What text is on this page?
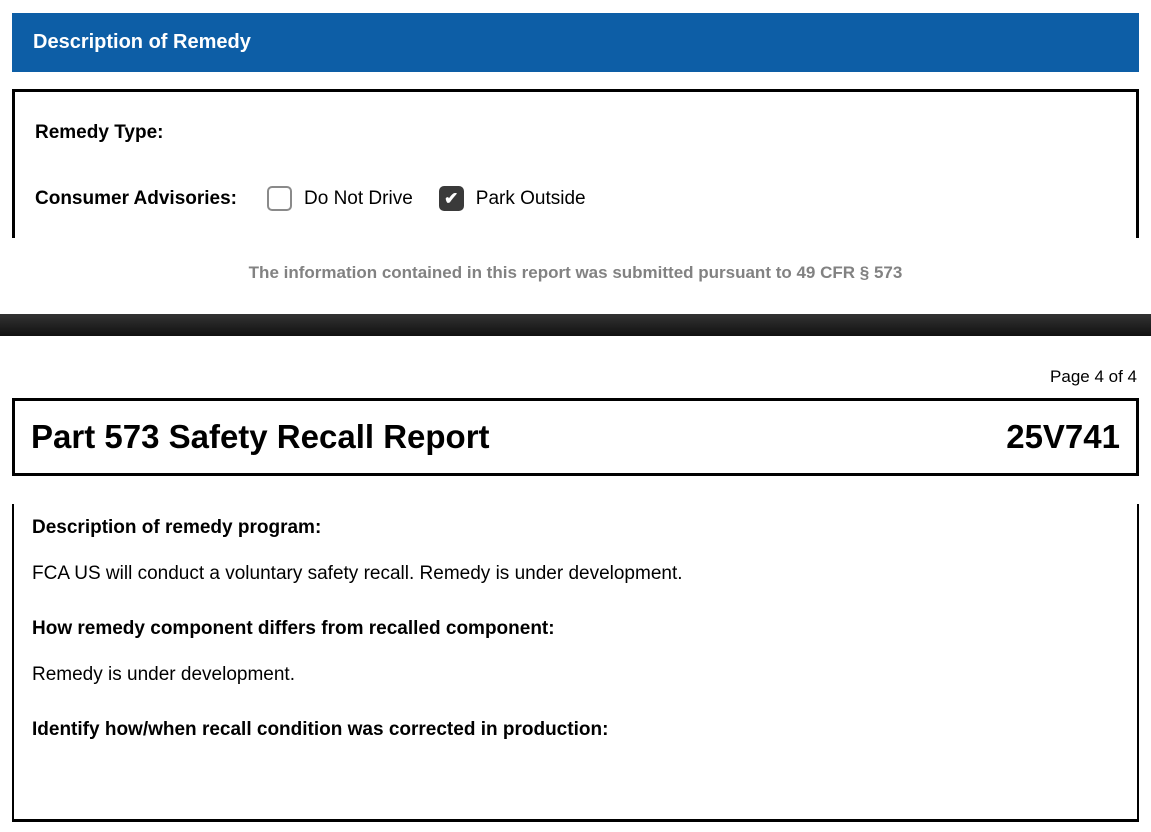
Description of Remedy
Remedy Type:
Consumer Advisories:	Do Not Drive ✔ Park Outside
The information contained in this report was submitted pursuant to 49 CFR § 573
Page 4 of 4
Part 573 Safety Recall Report	25V741
Description of remedy program:
FCA US will conduct a voluntary safety recall. Remedy is under development.
How remedy component differs from recalled component:
Remedy is under development.
Identify how/when recall condition was corrected in production:
